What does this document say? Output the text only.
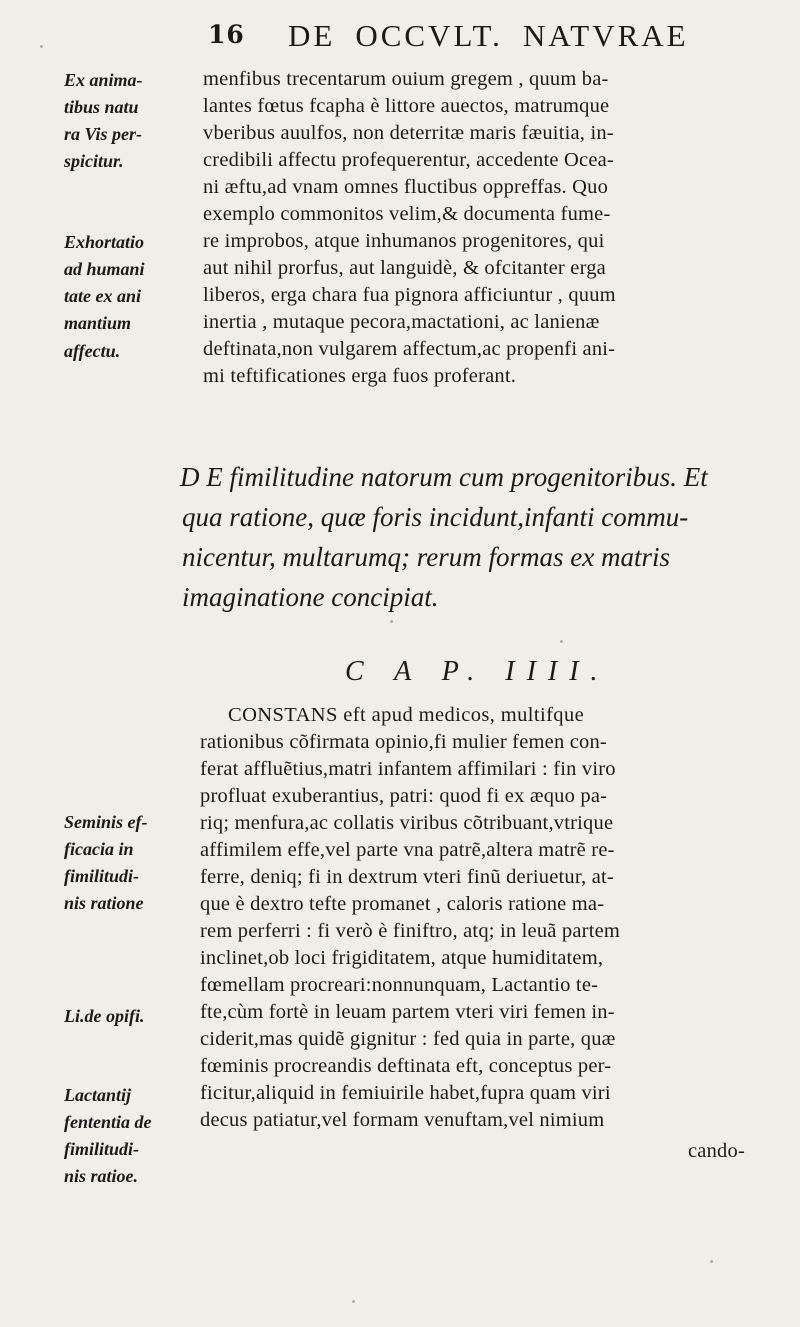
16 DE OCCVLT. NATVRAE
Ex anima-
tibus natu
ra Vis per-
spicitur.
Exhortatio
ad humani
tate ex ani
mantium
affectu.
Seminis ef-
ficacia in
fimilitudi-
nis ratione
Li.de opifi.
Lactantij
fententia de
fimilitudi-
nis ratioe.
menfibus trecentarum ouium gregem , quum ba-
lantes fœtus fcapha è littore auectos, matrumque
vberibus auulfos, non deterritæ maris fæuitia, in-
credibili affectu profequerentur, accedente Ocea-
ni æftu,ad vnam omnes fluctibus oppreffas. Quo
exemplo commonitos velim,& documenta fume-
re improbos, atque inhumanos progenitores, qui
aut nihil prorfus, aut languidè, & ofcitanter erga
liberos, erga chara fua pignora afficiuntur , quum
inertia , mutaque pecora,mactationi, ac lanienæ
deftinata,non vulgarem affectum,ac propenfi ani-
mi teftificationes erga fuos proferant.
D E fimilitudine natorum cum progenitoribus. Et
qua ratione, quæ foris incidunt,infanti commu-
nicentur, multarumq; rerum formas ex matris
imaginatione concipiat.
C A P. IIII.
CONSTANS eft apud medicos, multifque
rationibus cõfirmata opinio,fi mulier femen con-
ferat affluẽtius,matri infantem affimilari : fin viro
profluat exuberantius, patri: quod fi ex æquo pa-
riq; menfura,ac collatis viribus cõtribuant,vtrique
affimilem effe,vel parte vna patrẽ,altera matrẽ re-
ferre, deniq; fi in dextrum vteri finũ deriuetur, at-
que è dextro tefte promanet , caloris ratione ma-
rem perferri : fi verò è finiftro, atq; in leuã partem
inclinet,ob loci frigiditatem, atque humiditatem,
fœmellam procreari:nonnunquam, Lactantio te-
fte,cùm fortè in leuam partem vteri viri femen in-
ciderit,mas quidẽ gignitur : fed quia in parte, quæ
fœminis procreandis deftinata eft, conceptus per-
ficitur,aliquid in femiuirile habet,fupra quam viri
decus patiatur,vel formam venuftam,vel nimium
cando-
